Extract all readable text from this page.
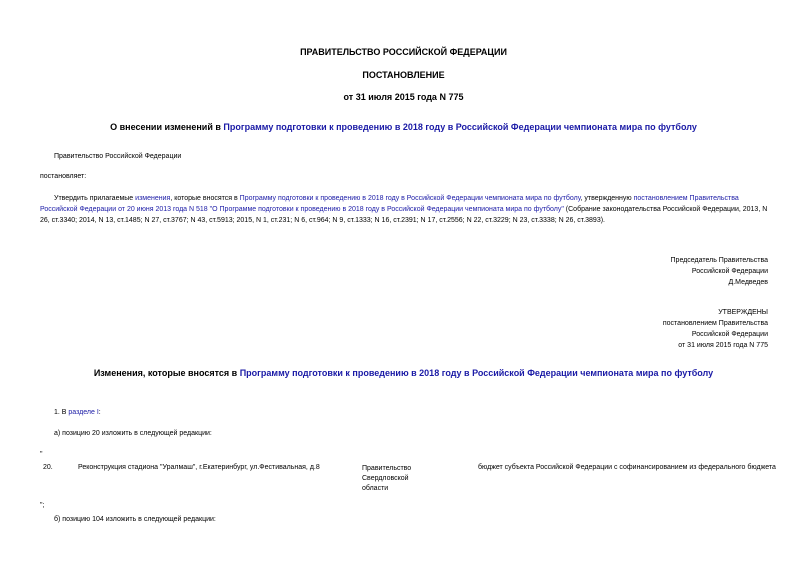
ПРАВИТЕЛЬСТВО РОССИЙСКОЙ ФЕДЕРАЦИИ
ПОСТАНОВЛЕНИЕ
от 31 июля 2015 года N 775
О внесении изменений в Программу подготовки к проведению в 2018 году в Российской Федерации чемпионата мира по футболу
Правительство Российской Федерации
постановляет:
Утвердить прилагаемые изменения, которые вносятся в Программу подготовки к проведению в 2018 году в Российской Федерации чемпионата мира по футболу, утвержденную постановлением Правительства Российской Федерации от 20 июня 2013 года N 518 "О Программе подготовки к проведению в 2018 году в Российской Федерации чемпионата мира по футболу" (Собрание законодательства Российской Федерации, 2013, N 26, ст.3340; 2014, N 13, ст.1485; N 27, ст.3767; N 43, ст.5913; 2015, N 1, ст.231; N 6, ст.964; N 9, ст.1333; N 16, ст.2391; N 17, ст.2556; N 22, ст.3229; N 23, ст.3338; N 26, ст.3893).
Председатель Правительства
Российской Федерации
Д.Медведев
УТВЕРЖДЕНЫ
постановлением Правительства
Российской Федерации
от 31 июля 2015 года N 775
Изменения, которые вносятся в Программу подготовки к проведению в 2018 году в Российской Федерации чемпионата мира по футболу
1. В разделе I:
а) позицию 20 изложить в следующей редакции:
"
20.	Реконструкция стадиона "Уралмаш", г.Екатеринбург, ул.Фестивальная, д.8	Правительство
Свердловской
области
бюджет субъекта Российской Федерации с софинансированием из федерального бюджета
";
б) позицию 104 изложить в следующей редакции:
